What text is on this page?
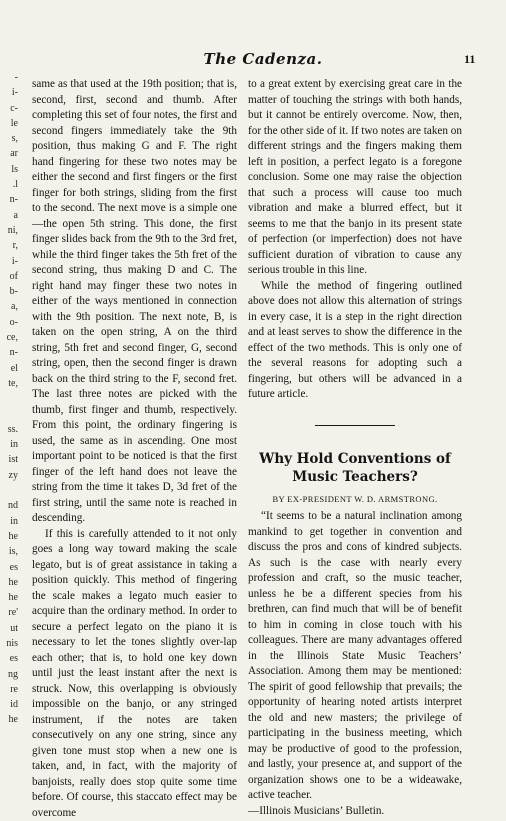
-
i-
c-
le
s,
ar
ls
.l
n-
a
ni,
r,
i-
of
b-
a,
o-
ce,
n-
el
te,
ss.
in
ist
zy
nd
in
he
is,
es
he
he
re'
ut
nis
es
ng
re
id
he
The Cadenza.	11

same as that used at the 19th position; that is, second, first, second and thumb. After completing this set of four notes, the first and second fingers immediately take the 9th position, thus making G and F. The right hand fingering for these two notes may be either the second and first fingers or the first finger for both strings, sliding from the first to the second. The next move is a simple one—the open 5th string. This done, the first finger slides back from the 9th to the 3rd fret, while the third finger takes the 5th fret of the second string, thus making D and C. The right hand may finger these two notes in either of the ways mentioned in connection with the 9th position. The next note, B, is taken on the open string, A on the third string, 5th fret and second finger, G, second string, open, then the second finger is drawn back on the third string to the F, second fret. The last three notes are picked with the thumb, first finger and thumb, respectively. From this point, the ordinary fingering is used, the same as in ascending. One most important point to be noticed is that the first finger of the left hand does not leave the string from the time it takes D, 3d fret of the first string, until the same note is reached in descending.

If this is carefully attended to it not only goes a long way toward making the scale legato, but is of great assistance in taking a position quickly. This method of fingering the scale makes a legato much easier to acquire than the ordinary method. In order to secure a perfect legato on the piano it is necessary to let the tones slightly over-lap each other; that is, to hold one key down until just the least instant after the next is struck. Now, this overlapping is obviously impossible on the banjo, or any stringed instrument, if the notes are taken consecutively on any one string, since any given tone must stop when a new one is taken, and, in fact, with the majority of banjoists, really does stop quite some time before. Of course, this staccato effect may be overcome

to a great extent by exercising great care in the matter of touching the strings with both hands, but it cannot be entirely overcome. Now, then, for the other side of it. If two notes are taken on different strings and the fingers making them left in position, a perfect legato is a foregone conclusion. Some one may raise the objection that such a process will cause too much vibration and make a blurred effect, but it seems to me that the banjo in its present state of perfection (or imperfection) does not have sufficient duration of vibration to cause any serious trouble in this line.

While the method of fingering outlined above does not allow this alternation of strings in every case, it is a step in the right direction and at least serves to show the difference in the effect of the two methods. This is only one of the several reasons for adopting such a fingering, but others will be advanced in a future article.

Why Hold Conventions of Music Teachers?
BY EX-PRESIDENT W. D. ARMSTRONG.

“It seems to be a natural inclination among mankind to get together in convention and discuss the pros and cons of kindred subjects. As such is the case with nearly every profession and craft, so the music teacher, unless he be a different species from his brethren, can find much that will be of benefit to him in coming in close touch with his colleagues. There are many advantages offered in the Illinois State Music Teachers’ Association. Among them may be mentioned: The spirit of good fellowship that prevails; the opportunity of hearing noted artists interpret the old and new masters; the privilege of participating in the business meeting, which may be productive of good to the profession, and lastly, your presence at, and support of the organization shows one to be a wideawake, active teacher.

—Illinois Musicians’ Bulletin.
